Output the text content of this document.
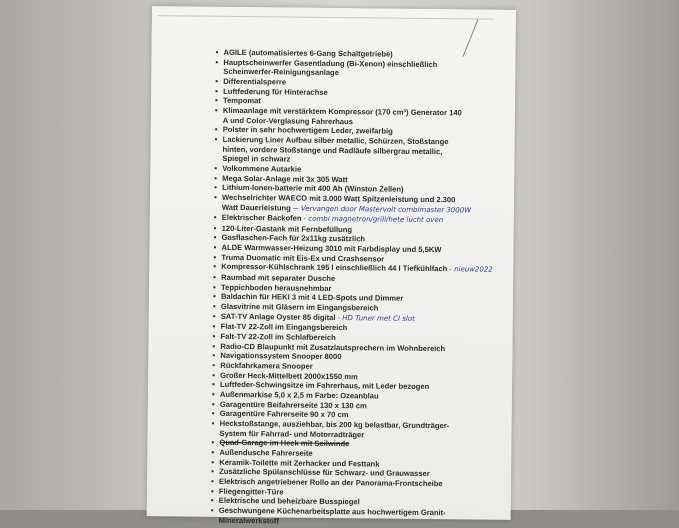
▪ AGILE (automatisiertes 6-Gang Schaltgetriebe)
▪ Hauptscheinwerfer Gasentladung (Bi-Xenon) einschließlich
Scheinwerfer-Reinigungsanlage
▪ Differentialsperre
▪ Luftfederung für Hinterachse
▪ Tempomat
▪ Klimaanlage mit verstärktem Kompressor (170 cm³) Generator 140
A und Color-Verglasung Fahrerhaus
▪ Polster in sehr hochwertigem Leder, zweifarbig
▪ Lackierung Liner Aufbau silber metallic, Schürzen, Stoßstange
hinten, vordere Stoßstange und Radläufe silbergrau metallic,
Spiegel in schwarz
▪ Volkommene Autarkie
▪ Mega Solar-Anlage mit 3x 305 Watt
▪ Lithium-Ionen-batterie mit 400 Ah (Winston Zellen)
▪ Wechselrichter WAECO mit 3.000 Watt Spitzenleistung und 2.300
Watt Dauerleistung ~ Vervangen door Mastervolt combimaster 3000W
▪ Elektrischer Backofen - combi magnetron/grill/hete lucht oven
▪ 120-Liter-Gastank mit Fernbefüllung
▪ Gasflaschen-Fach für 2x11kg zusätzlich
▪ ALDE Warmwasser-Heizung 3010 mit Farbdisplay und 5,5KW
▪ Truma Duomatic mit Eis-Ex und Crashsensor
▪ Kompressor-Kühlschrank 195 l einschließlich 44 l Tiefkühlfach - nieuw2022
▪ Raumbad mit separater Dusche
▪ Teppichboden herausnehmbar
▪ Baldachin für HEKI 3 mit 4 LED-Spots und Dimmer
▪ Glasvitrine mit Gläsern im Eingangsbereich
▪ SAT-TV Anlage Oyster 85 digital - HD Tuner met CI slot
▪ Flat-TV 22-Zoll im Eingangsbereich
▪ Falt-TV 22-Zoll im Schlafbereich
▪ Radio-CD Blaupunkt mit Zusatzlautsprechern im Wohnbereich
▪ Navigationssystem Snooper 8000
▪ Rückfahrkamera Snooper
▪ Großer Heck-Mittelbett 2000x1550 mm
▪ Luftfeder-Schwingsitze im Fahrerhaus, mit Leder bezogen
▪ Außenmarkise 5,0 x 2,5 m Farbe: Ozeanblau
▪ Garagentüre Beifahrerseite 130 x 130 cm
▪ Garagentüre Fahrerseite 90 x 70 cm
▪ Heckstoßstange, ausziehbar, bis 200 kg belastbar, Grundträger-
System für Fahrrad- und Motorradträger
▪ Quad-Garage im Heck mit Seilwinde
▪ Außendusche Fahrerseite
▪ Keramik-Toilette mit Zerhacker und Festtank
▪ Zusätzliche Spülanschlüsse für Schwarz- und Grauwasser
▪ Elektrisch angetriebener Rollo an der Panorama-Frontscheibe
▪ Fliegengitter-Türe
▪ Elektrische und beheizbare Busspiegel
▪ Geschwungene Küchenarbeitsplatte aus hochwertigem Granit-
Mineralwerkstoff
